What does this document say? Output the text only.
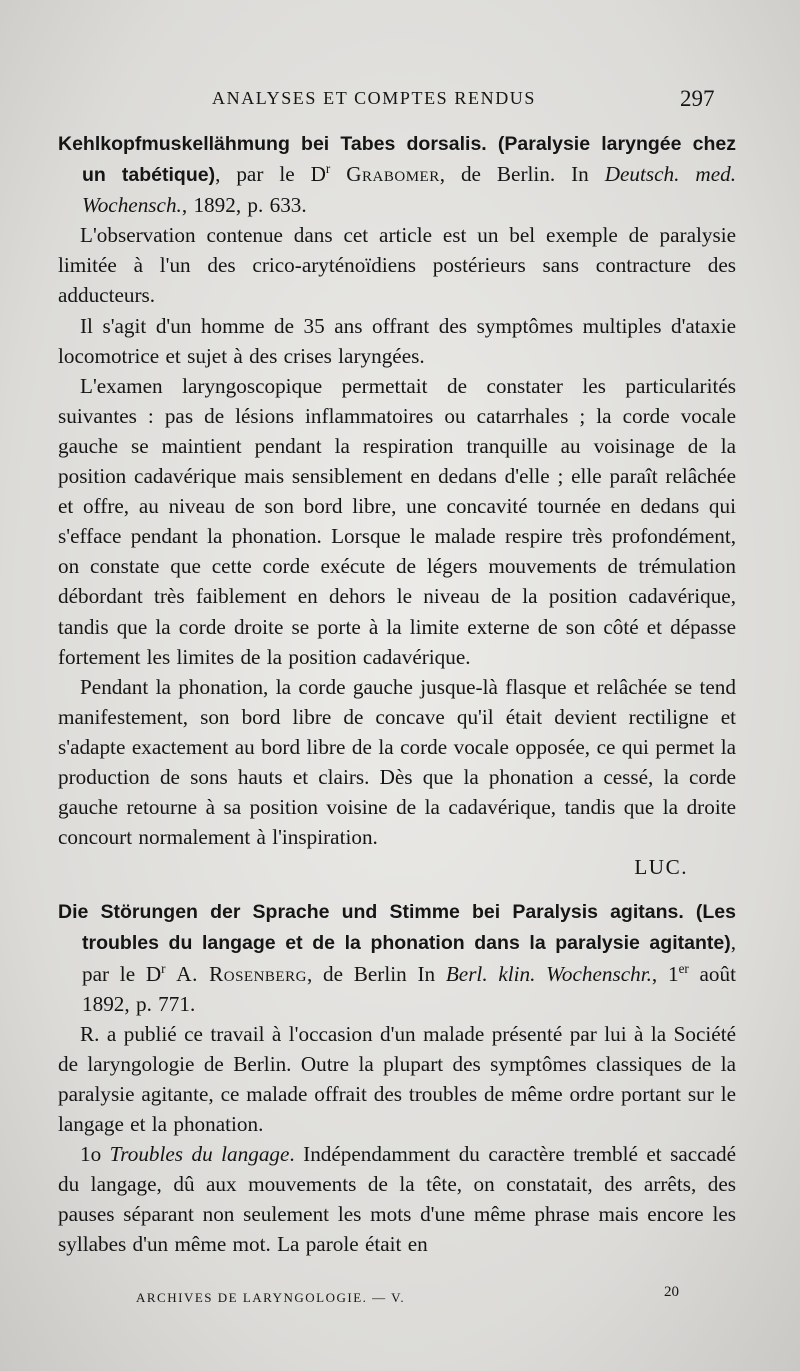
ANALYSES ET COMPTES RENDUS	297

Kehlkopfmuskellähmung bei Tabes dorsalis. (Paralysie laryngée chez un tabétique), par le $D^r$ Grabomer, de Berlin. In Deutsch. med. Wochensch., 1892, p. 633.

L'observation contenue dans cet article est un bel exemple de paralysie limitée à l'un des crico-aryténoïdiens postérieurs sans contracture des adducteurs.

Il s'agit d'un homme de 35 ans offrant des symptômes multiples d'ataxie locomotrice et sujet à des crises laryngées.

L'examen laryngoscopique permettait de constater les particularités suivantes : pas de lésions inflammatoires ou catarrhales ; la corde vocale gauche se maintient pendant la respiration tranquille au voisinage de la position cadavérique mais sensiblement en dedans d'elle ; elle paraît relâchée et offre, au niveau de son bord libre, une concavité tournée en dedans qui s'efface pendant la phonation. Lorsque le malade respire très profondément, on constate que cette corde exécute de légers mouvements de trémulation débordant très faiblement en dehors le niveau de la position cadavérique, tandis que la corde droite se porte à la limite externe de son côté et dépasse fortement les limites de la position cadavérique.

Pendant la phonation, la corde gauche jusque-là flasque et relâchée se tend manifestement, son bord libre de concave qu'il était devient rectiligne et s'adapte exactement au bord libre de la corde vocale opposée, ce qui permet la production de sons hauts et clairs. Dès que la phonation a cessé, la corde gauche retourne à sa position voisine de la cadavérique, tandis que la droite concourt normalement à l'inspiration.

LUC.

Die Störungen der Sprache und Stimme bei Paralysis agitans. (Les troubles du langage et de la phonation dans la paralysie agitante), par le $D^r$ A. Rosenberg, de Berlin In Berl. klin. Wochenschr., 1er août 1892, p. 771.

R. a publié ce travail à l'occasion d'un malade présenté par lui à la Société de laryngologie de Berlin. Outre la plupart des symptômes classiques de la paralysie agitante, ce malade offrait des troubles de même ordre portant sur le langage et la phonation.

1o Troubles du langage. Indépendamment du caractère tremblé et saccadé du langage, dû aux mouvements de la tête, on constatait, des arrêts, des pauses séparant non seulement les mots d'une même phrase mais encore les syllabes d'un même mot. La parole était en

ARCHIVES DE LARYNGOLOGIE. — V.	20
